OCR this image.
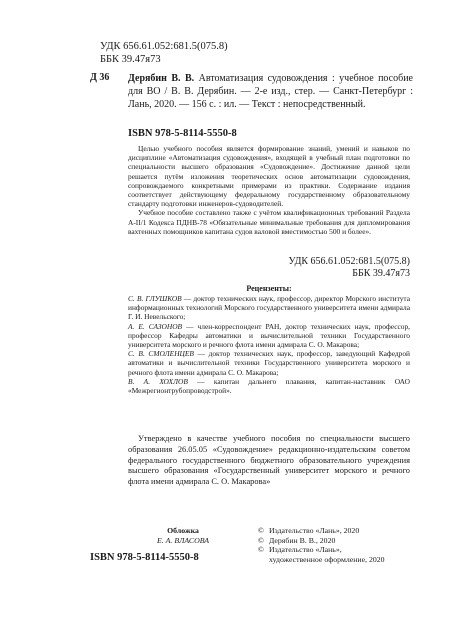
УДК 656.61.052:681.5(075.8)
ББК 39.47я73
Д 36 Дерябин В. В. Автоматизация судовождения : учебное пособие для ВО / В. В. Дерябин. — 2-е изд., стер. — Санкт-Петербург : Лань, 2020. — 156 с. : ил. — Текст : непосредственный.
ISBN 978-5-8114-5550-8

Целью учебного пособия является формирование знаний, умений и навыков по дисциплине «Автоматизация судовождения», входящей в учебный план подготовки по специальности высшего образования «Судовождение». Достижение данной цели решается путём изложения теоретических основ автоматизации судовождения, сопровождаемого конкретными примерами из практики. Содержание издания соответствует действующему федеральному государственному образовательному стандарту подготовки инженеров-судоводителей.

Учебное пособие составлено также с учётом квалификационных требований Раздела А-II/1 Кодекса ПДНВ-78 «Обязательные минимальные требования для дипломирования вахтенных помощников капитана судов валовой вместимостью 500 и более».

УДК 656.61.052:681.5(075.8)
ББК 39.47я73
Рецензенты:

С. В. ГЛУШКОВ — доктор технических наук, профессор, директор Морского института информационных технологий Морского государственного университета имени адмирала Г. И. Невельского;

А. Е. САЗОНОВ — член-корреспондент РАН, доктор технических наук, профессор, профессор Кафедры автоматики и вычислительной техники Государственного университета морского и речного флота имени адмирала С. О. Макарова;

С. В. СМОЛЕНЦЕВ — доктор технических наук, профессор, заведующий Кафедрой автоматики и вычислительной техники Государственного университета морского и речного флота имени адмирала С. О. Макарова;

В. А. ХОХЛОВ — капитан дальнего плавания, капитан-наставник ОАО «Межрегионтрубопроводстрой».

Утверждено в качестве учебного пособия по специальности высшего образования 26.05.05 «Судовождение» редакционно-издательским советом федерального государственного бюджетного образовательного учреждения высшего образования «Государственный университет морского и речного флота имени адмирала С. О. Макарова»

Обложка
Е. А. ВЛАСОВА
ISBN 978-5-8114-5550-8
© Издательство «Лань», 2020
© Дерябин В. В., 2020
© Издательство «Лань»,
художественное оформление, 2020
